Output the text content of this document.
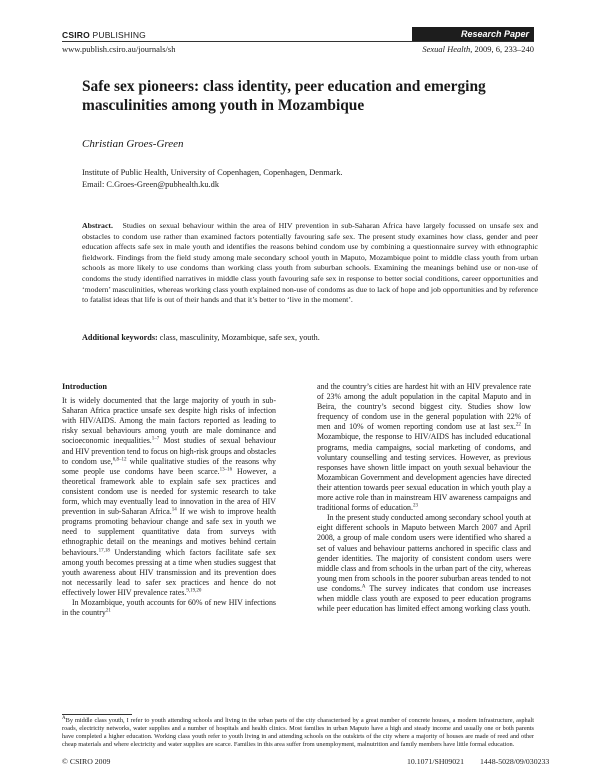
CSIRO PUBLISHING	Research Paper
www.publish.csiro.au/journals/sh	Sexual Health, 2009, 6, 233–240
Safe sex pioneers: class identity, peer education and emerging masculinities among youth in Mozambique
Christian Groes-Green
Institute of Public Health, University of Copenhagen, Copenhagen, Denmark.
Email: C.Groes-Green@pubhealth.ku.dk
Abstract. Studies on sexual behaviour within the area of HIV prevention in sub-Saharan Africa have largely focussed on unsafe sex and obstacles to condom use rather than examined factors potentially favouring safe sex. The present study examines how class, gender and peer education affects safe sex in male youth and identifies the reasons behind condom use by combining a questionnaire survey with ethnographic fieldwork. Findings from the field study among male secondary school youth in Maputo, Mozambique point to middle class youth from urban schools as more likely to use condoms than working class youth from suburban schools. Examining the meanings behind use or non-use of condoms the study identified narratives in middle class youth favouring safe sex in response to better social conditions, career opportunities and ‘modern’ masculinities, whereas working class youth explained non-use of condoms as due to lack of hope and job opportunities and by reference to fatalist ideas that life is out of their hands and that it’s better to ‘live in the moment’.
Additional keywords: class, masculinity, Mozambique, safe sex, youth.
Introduction

It is widely documented that the large majority of youth in sub-Saharan Africa practice unsafe sex despite high risks of infection with HIV/AIDS. Among the main factors reported as leading to risky sexual behaviours among youth are male dominance and socioeconomic inequalities.$^{1-7}$ Most studies of sexual behaviour and HIV prevention tend to focus on high-risk groups and obstacles to condom use,$^{6,8-12}$ while qualitative studies of the reasons why some people use condoms have been scarce.$^{13-16}$ However, a theoretical framework able to explain safe sex practices and consistent condom use is needed for systemic research to take form, which may eventually lead to innovation in the area of HIV prevention in sub-Saharan Africa.$^{14}$ If we wish to improve health programs promoting behaviour change and safe sex in youth we need to supplement quantitative data from surveys with ethnographic detail on the meanings and motives behind certain behaviours.$^{17,18}$ Understanding which factors facilitate safe sex among youth becomes pressing at a time when studies suggest that youth awareness about HIV transmission and its prevention does not necessarily lead to safer sex practices and hence do not effectively lower HIV prevalence rates.$^{9,19,20}$

In Mozambique, youth accounts for 60% of new HIV infections in the country$^{21}$

and the country’s cities are hardest hit with an HIV prevalence rate of 23% among the adult population in the capital Maputo and in Beira, the country’s second biggest city. Studies show low frequency of condom use in the general population with 22% of men and 10% of women reporting condom use at last sex.$^{22}$ In Mozambique, the response to HIV/AIDS has included educational programs, media campaigns, social marketing of condoms, and voluntary counselling and testing services. However, as previous responses have shown little impact on youth sexual behaviour the Mozambican Government and development agencies have directed their attention towards peer sexual education in which youth play a more active role than in mainstream HIV awareness campaigns and traditional forms of education.$^{23}$

In the present study conducted among secondary school youth at eight different schools in Maputo between March 2007 and April 2008, a group of male condom users were identified who shared a set of values and behaviour patterns anchored in specific class and gender identities. The majority of consistent condom users were middle class and from schools in the urban part of the city, whereas young men from schools in the poorer suburban areas tended to not use condoms.$^A$ The survey indicates that condom use increases when middle class youth are exposed to peer education programs while peer education has limited effect among working class youth.

$^A$By middle class youth, I refer to youth attending schools and living in the urban parts of the city characterised by a great number of concrete houses, a modern infrastructure, asphalt roads, electricity networks, water supplies and a number of hospitals and health clinics. Most families in urban Maputo have a high and steady income and usually one or both parents have completed a higher education. Working class youth refer to youth living in and attending schools on the outskirts of the city where a majority of houses are made of reed and other cheap materials and where electricity and water supplies are scarce. Families in this area suffer from unemployment, malnutrition and family members have little formal education.
© CSIRO 2009	10.1071/SH09021 1448-5028/09/030233
